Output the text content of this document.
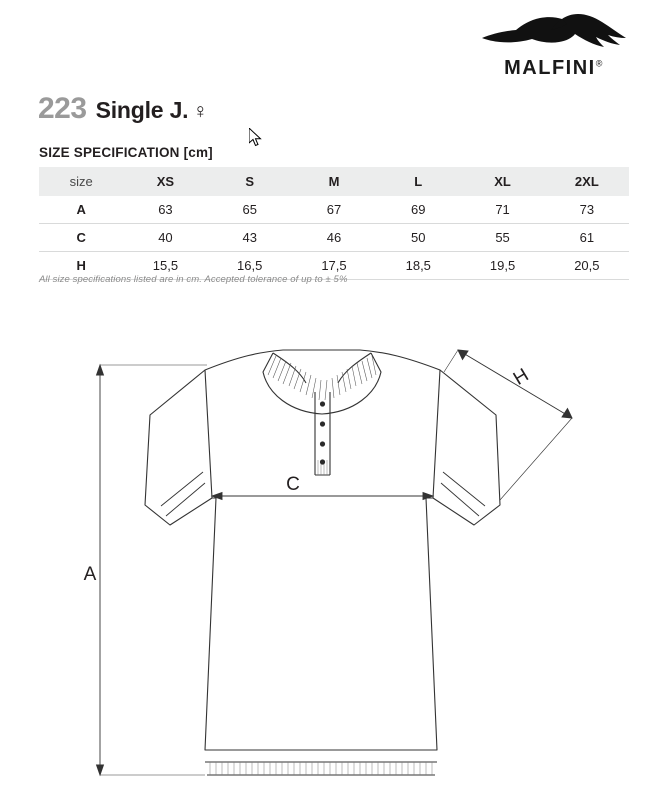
MALFINI®
223 Single J. ♀
SIZE SPECIFICATION [cm]
size	XS	S	M	L	XL	2XL
A	63	65	67	69	71	73
C	40	43	46	50	55	61
H	15,5	16,5	17,5	18,5	19,5	20,5
All size specifications listed are in cm. Accepted tolerance of up to ± 5%
A
C
H
